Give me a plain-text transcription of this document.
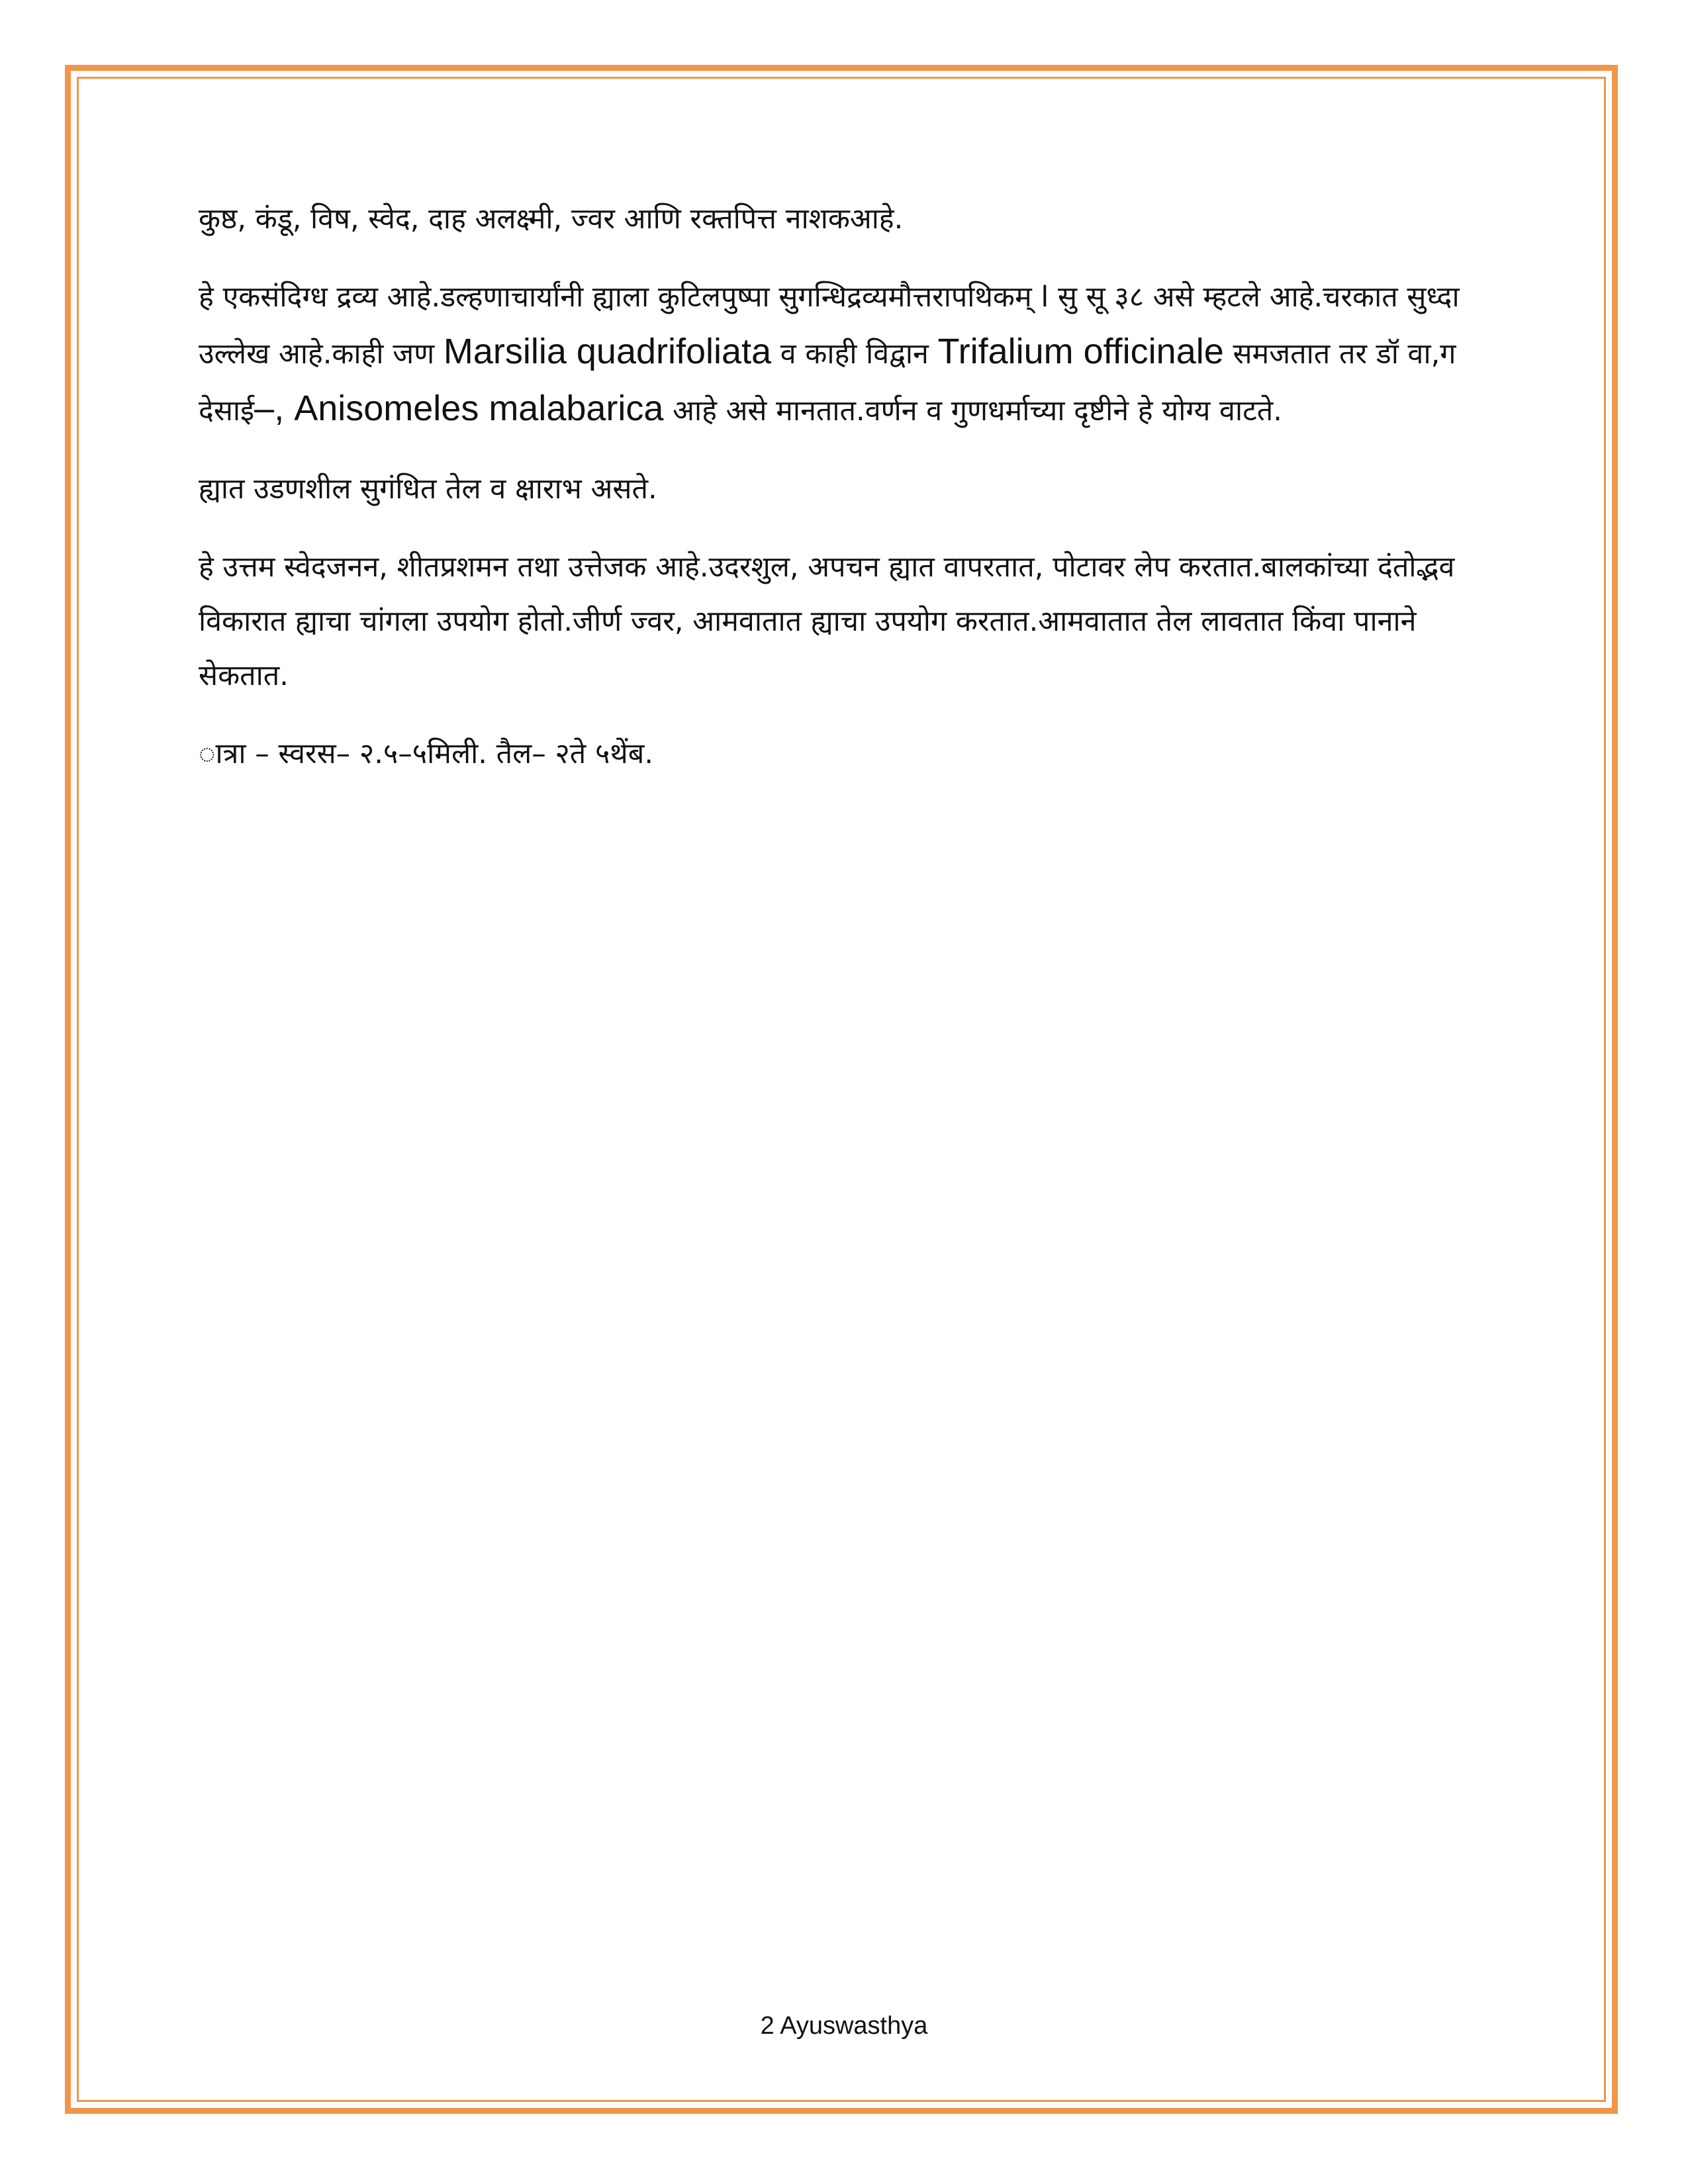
कुष्ठ, कंडू, विष, स्वेद, दाह अलक्ष्मी, ज्वर आणि रक्तपित्त नाशकआहे.

हे एकसंदिग्ध द्रव्य आहे.डल्हणाचार्यांनी ह्याला कुटिलपुष्पा सुगन्धिद्रव्यमौत्तरापथिकम् l सु सू ३८ असे म्हटले आहे.चरकात सुध्दा उल्लेख आहे.काही जण Marsilia quadrifoliata व काही विद्वान Trifalium officinale समजतात तर डॉ वा,ग देसाई–, Anisomeles malabarica आहे असे मानतात.वर्णन व गुणधर्माच्या दृष्टीने हे योग्य वाटते.

ह्यात उडणशील सुगंधित तेल व क्षाराभ असते.

हे उत्तम स्वेदजनन, शीतप्रशमन तथा उत्तेजक आहे.उदरशुल, अपचन ह्यात वापरतात, पोटावर लेप करतात.बालकांच्या दंतोद्भव विकारात ह्याचा चांगला उपयोग होतो.जीर्ण ज्वर, आमवातात ह्याचा उपयोग करतात.आमवातात तेल लावतात किंवा पानाने सेकतात.

ात्रा – स्वरस– २.५–५मिली. तैल– २ते ५थेंब.

2 Ayuswasthya
